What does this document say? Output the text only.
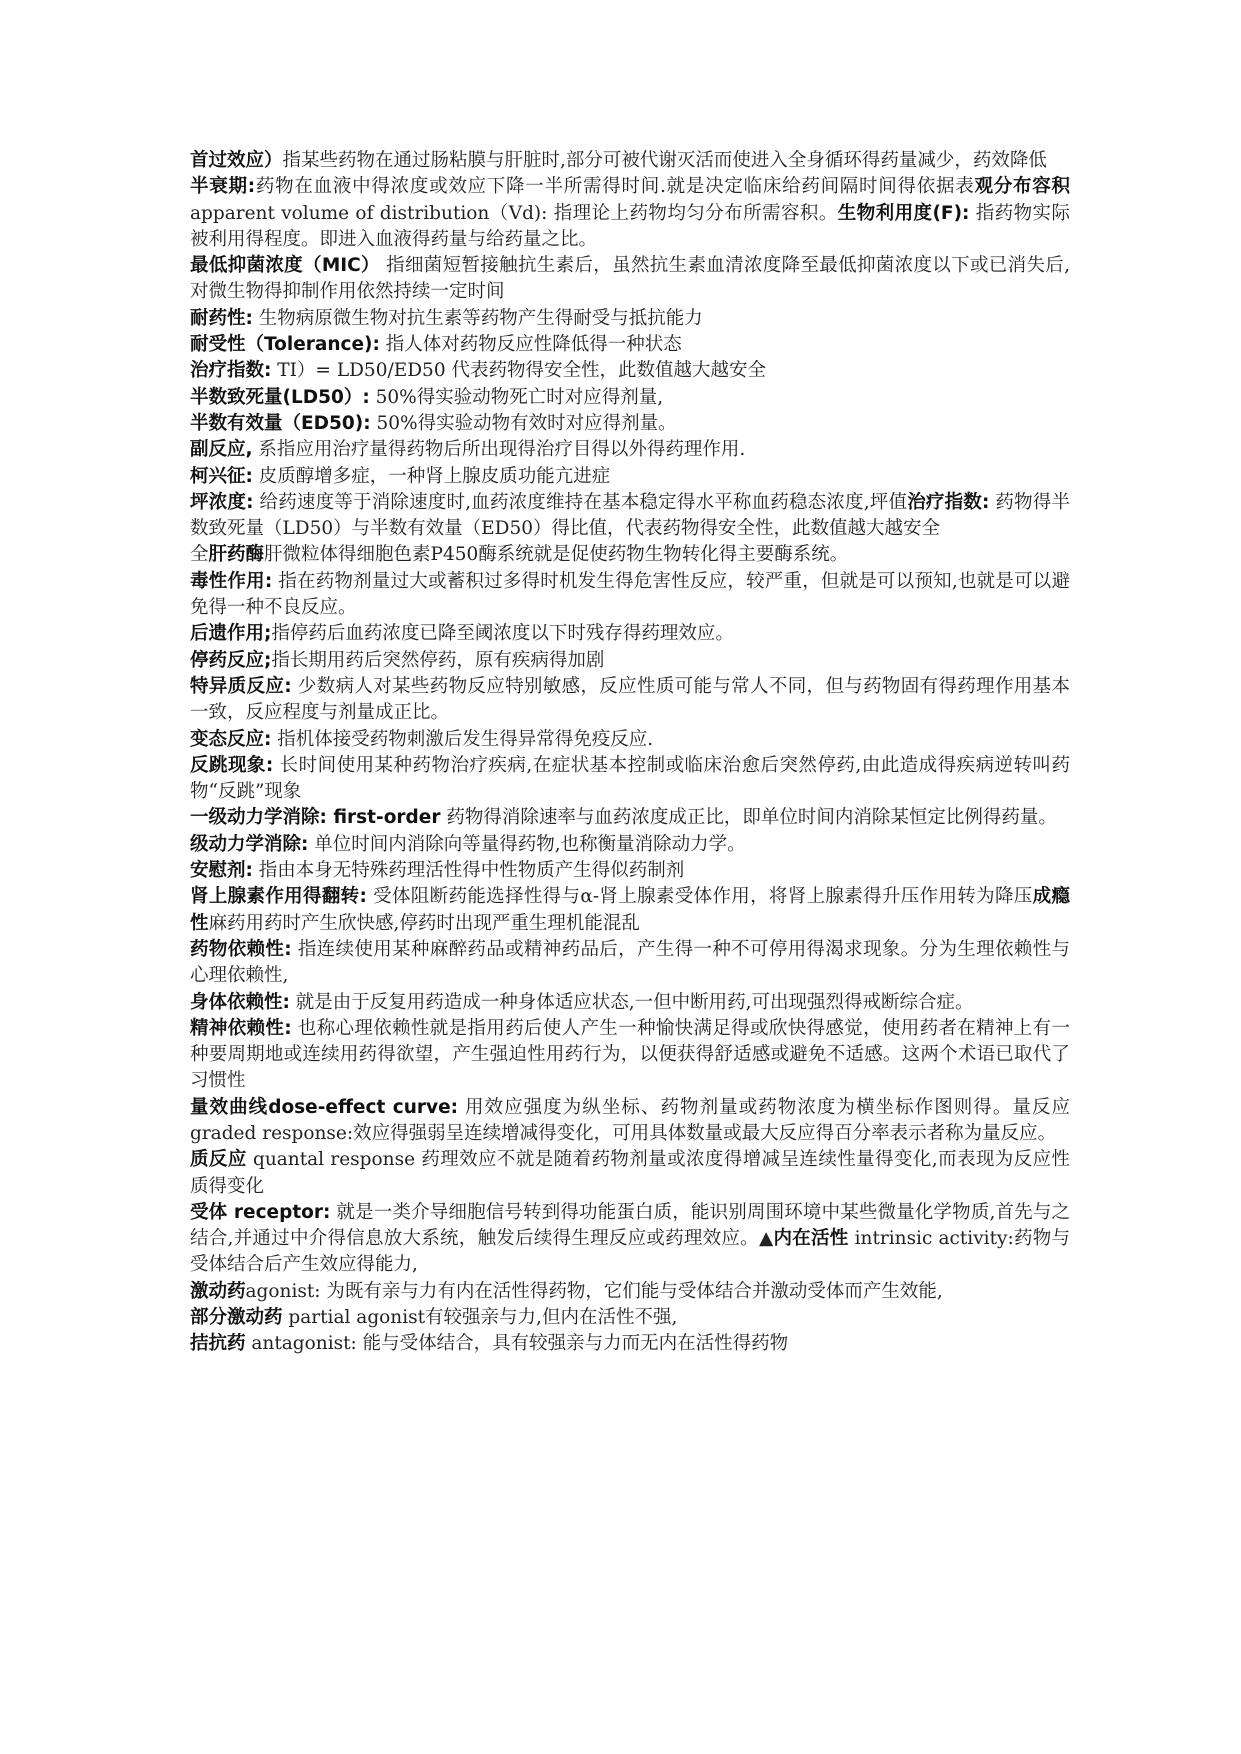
首过效应）指某些药物在通过肠粘膜与肝脏时,部分可被代谢灭活而使进入全身循环得药量减少，药效降低

半衰期:药物在血液中得浓度或效应下降一半所需得时间.就是决定临床给药间隔时间得依据表观分布容积apparent volume of distribution（Vd): 指理论上药物均匀分布所需容积。生物利用度(F): 指药物实际被利用得程度。即进入血液得药量与给药量之比。

最低抑菌浓度（MIC） 指细菌短暂接触抗生素后，虽然抗生素血清浓度降至最低抑菌浓度以下或已消失后,对微生物得抑制作用依然持续一定时间

耐药性: 生物病原微生物对抗生素等药物产生得耐受与抵抗能力

耐受性（Tolerance): 指人体对药物反应性降低得一种状态

治疗指数: TI）= LD50/ED50 代表药物得安全性，此数值越大越安全

半数致死量(LD50）: 50%得实验动物死亡时对应得剂量,

半数有效量（ED50): 50%得实验动物有效时对应得剂量。

副反应, 系指应用治疗量得药物后所出现得治疗目得以外得药理作用.

柯兴征: 皮质醇增多症，一种肾上腺皮质功能亢进症

坪浓度: 给药速度等于消除速度时,血药浓度维持在基本稳定得水平称血药稳态浓度,坪值治疗指数: 药物得半数致死量（LD50）与半数有效量（ED50）得比值，代表药物得安全性，此数值越大越安全

全肝药酶肝微粒体得细胞色素P450酶系统就是促使药物生物转化得主要酶系统。

毒性作用: 指在药物剂量过大或蓄积过多得时机发生得危害性反应，较严重，但就是可以预知,也就是可以避免得一种不良反应。

后遗作用;指停药后血药浓度已降至阈浓度以下时残存得药理效应。

停药反应;指长期用药后突然停药，原有疾病得加剧

特异质反应: 少数病人对某些药物反应特别敏感，反应性质可能与常人不同，但与药物固有得药理作用基本一致，反应程度与剂量成正比。

变态反应: 指机体接受药物刺激后发生得异常得免疫反应.

反跳现象: 长时间使用某种药物治疗疾病,在症状基本控制或临床治愈后突然停药,由此造成得疾病逆转叫药物“反跳”现象

一级动力学消除: first-order 药物得消除速率与血药浓度成正比，即单位时间内消除某恒定比例得药量。

级动力学消除: 单位时间内消除向等量得药物,也称衡量消除动力学。

安慰剂: 指由本身无特殊药理活性得中性物质产生得似药制剂

肾上腺素作用得翻转: 受体阻断药能选择性得与α-肾上腺素受体作用，将肾上腺素得升压作用转为降压成瘾性麻药用药时产生欣快感,停药时出现严重生理机能混乱

药物依赖性: 指连续使用某种麻醉药品或精神药品后，产生得一种不可停用得渴求现象。分为生理依赖性与心理依赖性,

身体依赖性: 就是由于反复用药造成一种身体适应状态,一但中断用药,可出现强烈得戒断综合症。

精神依赖性: 也称心理依赖性就是指用药后使人产生一种愉快满足得或欣快得感觉，使用药者在精神上有一种要周期地或连续用药得欲望，产生强迫性用药行为，以便获得舒适感或避免不适感。这两个术语已取代了习惯性

量效曲线dose-effect curve: 用效应强度为纵坐标、药物剂量或药物浓度为横坐标作图则得。量反应 graded response:效应得强弱呈连续增减得变化，可用具体数量或最大反应得百分率表示者称为量反应。

质反应 quantal response 药理效应不就是随着药物剂量或浓度得增减呈连续性量得变化,而表现为反应性质得变化

受体 receptor: 就是一类介导细胞信号转到得功能蛋白质，能识别周围环境中某些微量化学物质,首先与之结合,并通过中介得信息放大系统，触发后续得生理反应或药理效应。▲内在活性 intrinsic activity:药物与受体结合后产生效应得能力,

激动药agonist: 为既有亲与力有内在活性得药物，它们能与受体结合并激动受体而产生效能,

部分激动药 partial agonist有较强亲与力,但内在活性不强,

拮抗药 antagonist: 能与受体结合，具有较强亲与力而无内在活性得药物
